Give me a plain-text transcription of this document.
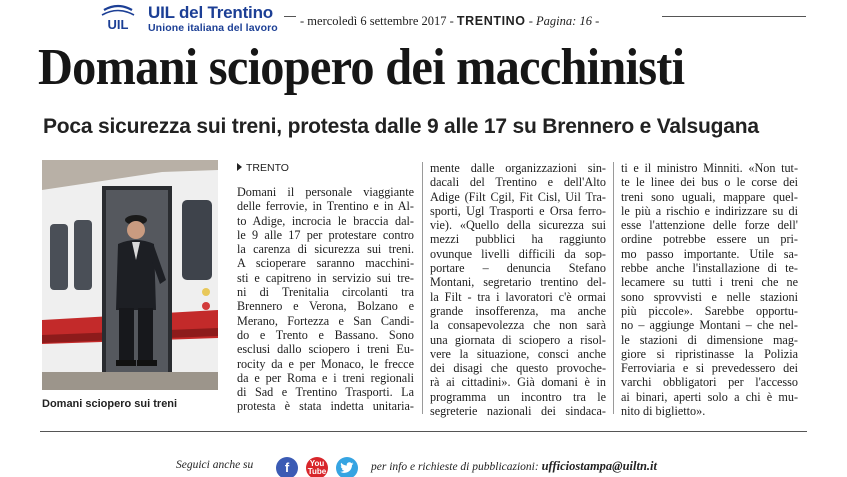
UIL
UIL del Trentino
Unione italiana del lavoro - mercoledì 6 settembre 2017 - TRENTINO - Pagina: 16 -
Domani sciopero dei macchinisti
Poca sicurezza sui treni, protesta dalle 9 alle 17 su Brennero e Valsugana
Domani sciopero sui treni
TRENTO
Domani il personale viaggiante
delle ferrovie, in Trentino e in Al-
to Adige, incrocia le braccia dal-
le 9 alle 17 per protestare contro
la carenza di sicurezza sui treni.
A scioperare saranno macchini-
sti e capitreno in servizio sui tre-
ni di Trenitalia circolanti tra
Brennero e Verona, Bolzano e
Merano, Fortezza e San Candi-
do e Trento e Bassano. Sono
esclusi dallo sciopero i treni Eu-
rocity da e per Monaco, le frecce
da e per Roma e i treni regionali
di Sad e Trentino Trasporti. La
protesta è stata indetta unitaria-
mente dalle organizzazioni sin-
dacali del Trentino e dell'Alto
Adige (Filt Cgil, Fit Cisl, Uil Tra-
sporti, Ugl Trasporti e Orsa ferro-
vie). «Quello della sicurezza sui
mezzi pubblici ha raggiunto
ovunque livelli difficili da sop-
portare – denuncia Stefano
Montani, segretario trentino del-
la Filt - tra i lavoratori c'è ormai
grande insofferenza, ma anche
la consapevolezza che non sarà
una giornata di sciopero a risol-
vere la situazione, consci anche
dei disagi che questo provoche-
rà ai cittadini». Già domani è in
programma un incontro tra le
segreterie nazionali dei sindaca-
ti e il ministro Minniti. «Non tut-
te le linee dei bus o le corse dei
treni sono uguali, mappare quel-
le più a rischio e indirizzare su di
esse l'attenzione delle forze dell'
ordine potrebbe essere un pri-
mo passo importante. Utile sa-
rebbe anche l'installazione di te-
lecamere su tutti i treni che ne
sono sprovvisti e nelle stazioni
più piccole». Sarebbe opportu-
no – aggiunge Montani – che nel-
le stazioni di dimensione mag-
giore si ripristinasse la Polizia
Ferroviaria e si prevedessero dei
varchi obbligatori per l'accesso
ai binari, aperti solo a chi è mu-
nito di biglietto».
Seguici anche su	f	You Tube	per info e richieste di pubblicazioni: ufficiostampa@uiltn.it
